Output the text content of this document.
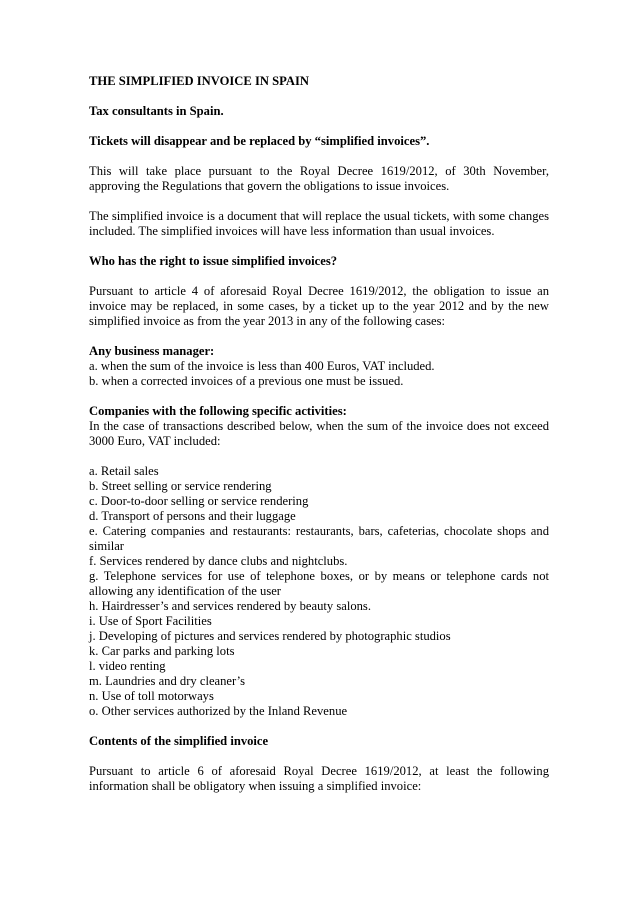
THE SIMPLIFIED INVOICE IN SPAIN

Tax consultants in Spain.

Tickets will disappear and be replaced by “simplified invoices”.

This will take place pursuant to the Royal Decree 1619/2012, of 30th November, approving the Regulations that govern the obligations to issue invoices.

The simplified invoice is a document that will replace the usual tickets, with some changes included. The simplified invoices will have less information than usual invoices.

Who has the right to issue simplified invoices?

Pursuant to article 4 of aforesaid Royal Decree 1619/2012, the obligation to issue an invoice may be replaced, in some cases, by a ticket up to the year 2012 and by the new simplified invoice as from the year 2013 in any of the following cases:

Any business manager:

a. when the sum of the invoice is less than 400 Euros, VAT included.

b. when a corrected invoices of a previous one must be issued.

Companies with the following specific activities:

In the case of transactions described below, when the sum of the invoice does not exceed 3000 Euro, VAT included:

a. Retail sales

b. Street selling or service rendering

c. Door-to-door selling or service rendering

d. Transport of persons and their luggage

e. Catering companies and restaurants: restaurants, bars, cafeterias, chocolate shops and similar

f. Services rendered by dance clubs and nightclubs.

g. Telephone services for use of telephone boxes, or by means or telephone cards not allowing any identification of the user

h. Hairdresser’s and services rendered by beauty salons.

i. Use of Sport Facilities

j. Developing of pictures and services rendered by photographic studios

k. Car parks and parking lots

l. video renting

m. Laundries and dry cleaner’s

n. Use of toll motorways

o. Other services authorized by the Inland Revenue

Contents of the simplified invoice

Pursuant to article 6 of aforesaid Royal Decree 1619/2012, at least the following information shall be obligatory when issuing a simplified invoice:
